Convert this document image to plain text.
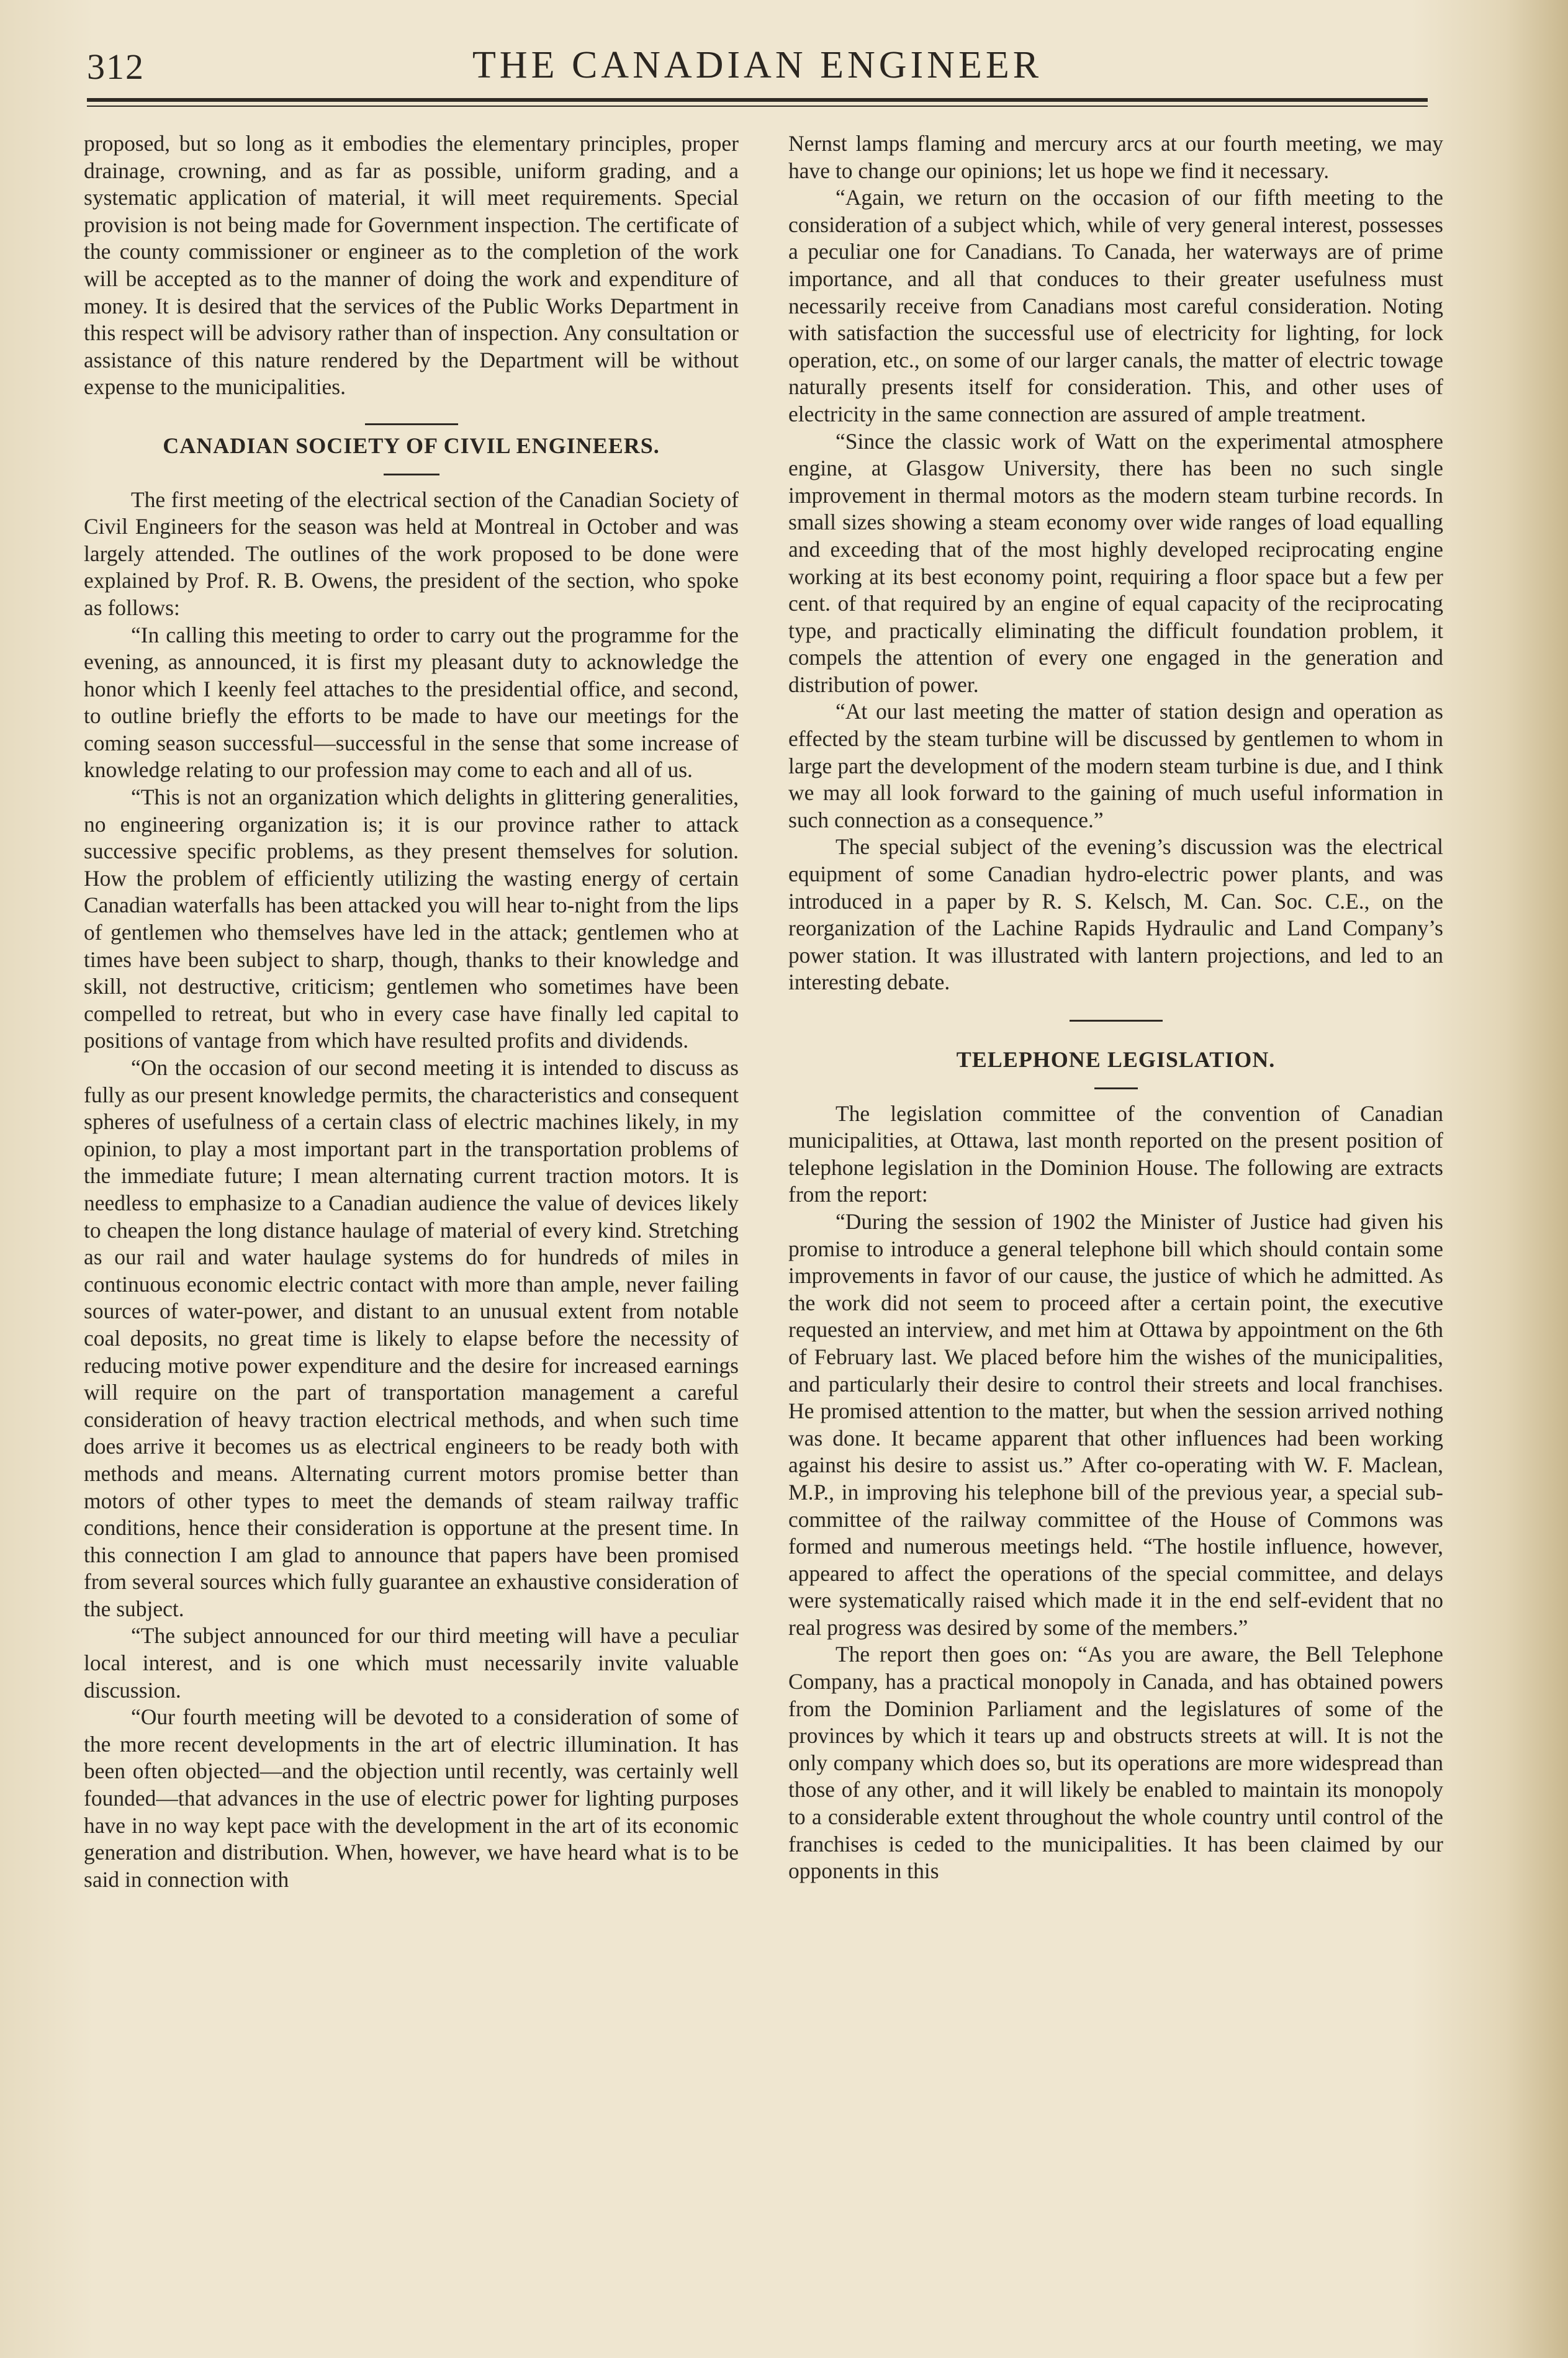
312	THE CANADIAN ENGINEER

proposed, but so long as it embodies the elementary principles, proper drainage, crowning, and as far as possible, uniform grading, and a systematic application of material, it will meet requirements. Special provision is not being made for Government inspection. The certificate of the county commissioner or engineer as to the completion of the work will be accepted as to the manner of doing the work and expenditure of money. It is desired that the services of the Public Works Department in this respect will be advisory rather than of inspection. Any consultation or assistance of this nature rendered by the Department will be without expense to the municipalities.

CANADIAN SOCIETY OF CIVIL ENGINEERS.

The first meeting of the electrical section of the Canadian Society of Civil Engineers for the season was held at Montreal in October and was largely attended. The outlines of the work proposed to be done were explained by Prof. R. B. Owens, the president of the section, who spoke as follows:

“In calling this meeting to order to carry out the programme for the evening, as announced, it is first my pleasant duty to acknowledge the honor which I keenly feel attaches to the presidential office, and second, to outline briefly the efforts to be made to have our meetings for the coming season successful—successful in the sense that some increase of knowledge relating to our profession may come to each and all of us.

“This is not an organization which delights in glittering generalities, no engineering organization is; it is our province rather to attack successive specific problems, as they present themselves for solution. How the problem of efficiently utilizing the wasting energy of certain Canadian waterfalls has been attacked you will hear to-night from the lips of gentlemen who themselves have led in the attack; gentlemen who at times have been subject to sharp, though, thanks to their knowledge and skill, not destructive, criticism; gentlemen who sometimes have been compelled to retreat, but who in every case have finally led capital to positions of vantage from which have resulted profits and dividends.

“On the occasion of our second meeting it is intended to discuss as fully as our present knowledge permits, the characteristics and consequent spheres of usefulness of a certain class of electric machines likely, in my opinion, to play a most important part in the transportation problems of the immediate future; I mean alternating current traction motors. It is needless to emphasize to a Canadian audience the value of devices likely to cheapen the long distance haulage of material of every kind. Stretching as our rail and water haulage systems do for hundreds of miles in continuous economic electric contact with more than ample, never failing sources of water-power, and distant to an unusual extent from notable coal deposits, no great time is likely to elapse before the necessity of reducing motive power expenditure and the desire for increased earnings will require on the part of transportation management a careful consideration of heavy traction electrical methods, and when such time does arrive it becomes us as electrical engineers to be ready both with methods and means. Alternating current motors promise better than motors of other types to meet the demands of steam railway traffic conditions, hence their consideration is opportune at the present time. In this connection I am glad to announce that papers have been promised from several sources which fully guarantee an exhaustive consideration of the subject.

“The subject announced for our third meeting will have a peculiar local interest, and is one which must necessarily invite valuable discussion.

“Our fourth meeting will be devoted to a consideration of some of the more recent developments in the art of electric illumination. It has been often objected—and the objection until recently, was certainly well founded—that advances in the use of electric power for lighting purposes have in no way kept pace with the development in the art of its economic generation and distribution. When, however, we have heard what is to be said in connection with

Nernst lamps flaming and mercury arcs at our fourth meeting, we may have to change our opinions; let us hope we find it necessary.

“Again, we return on the occasion of our fifth meeting to the consideration of a subject which, while of very general interest, possesses a peculiar one for Canadians. To Canada, her waterways are of prime importance, and all that conduces to their greater usefulness must necessarily receive from Canadians most careful consideration. Noting with satisfaction the successful use of electricity for lighting, for lock operation, etc., on some of our larger canals, the matter of electric towage naturally presents itself for consideration. This, and other uses of electricity in the same connection are assured of ample treatment.

“Since the classic work of Watt on the experimental atmosphere engine, at Glasgow University, there has been no such single improvement in thermal motors as the modern steam turbine records. In small sizes showing a steam economy over wide ranges of load equalling and exceeding that of the most highly developed reciprocating engine working at its best economy point, requiring a floor space but a few per cent. of that required by an engine of equal capacity of the reciprocating type, and practically eliminating the difficult foundation problem, it compels the attention of every one engaged in the generation and distribution of power.

“At our last meeting the matter of station design and operation as effected by the steam turbine will be discussed by gentlemen to whom in large part the development of the modern steam turbine is due, and I think we may all look forward to the gaining of much useful information in such connection as a consequence.”

The special subject of the evening’s discussion was the electrical equipment of some Canadian hydro-electric power plants, and was introduced in a paper by R. S. Kelsch, M. Can. Soc. C.E., on the reorganization of the Lachine Rapids Hydraulic and Land Company’s power station. It was illustrated with lantern projections, and led to an interesting debate.

TELEPHONE LEGISLATION.

The legislation committee of the convention of Canadian municipalities, at Ottawa, last month reported on the present position of telephone legislation in the Dominion House. The following are extracts from the report:

“During the session of 1902 the Minister of Justice had given his promise to introduce a general telephone bill which should contain some improvements in favor of our cause, the justice of which he admitted. As the work did not seem to proceed after a certain point, the executive requested an interview, and met him at Ottawa by appointment on the 6th of February last. We placed before him the wishes of the municipalities, and particularly their desire to control their streets and local franchises. He promised attention to the matter, but when the session arrived nothing was done. It became apparent that other influences had been working against his desire to assist us.” After co-operating with W. F. Maclean, M.P., in improving his telephone bill of the previous year, a special sub-committee of the railway committee of the House of Commons was formed and numerous meetings held. “The hostile influence, however, appeared to affect the operations of the special committee, and delays were systematically raised which made it in the end self-evident that no real progress was desired by some of the members.”

The report then goes on: “As you are aware, the Bell Telephone Company, has a practical monopoly in Canada, and has obtained powers from the Dominion Parliament and the legislatures of some of the provinces by which it tears up and obstructs streets at will. It is not the only company which does so, but its operations are more widespread than those of any other, and it will likely be enabled to maintain its monopoly to a considerable extent throughout the whole country until control of the franchises is ceded to the municipalities. It has been claimed by our opponents in this
